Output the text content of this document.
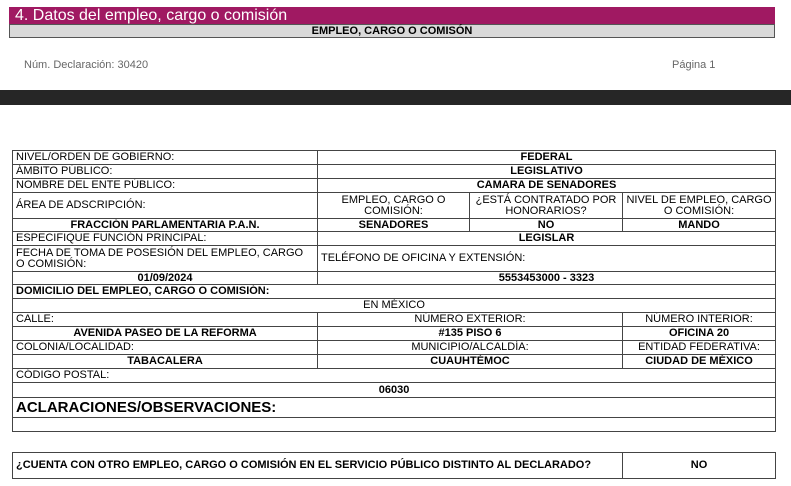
4. Datos del empleo, cargo o comisión
EMPLEO, CARGO O COMISÓN
Núm. Declaración: 30420	Página 1
NIVEL/ORDEN DE GOBIERNO:	FEDERAL		
ÁMBITO PÚBLICO:	LEGISLATIVO		
NOMBRE DEL ENTE PÚBLICO:	CAMARA DE SENADORES		
ÁREA DE ADSCRIPCIÓN:	EMPLEO, CARGO O COMISIÓN:	¿ESTÁ CONTRATADO POR HONORARIOS?	NIVEL DE EMPLEO, CARGO O COMISIÓN:
FRACCIÓN PARLAMENTARIA P.A.N.	SENADORES	NO	MANDO
ESPECIFIQUE FUNCIÓN PRINCIPAL:	LEGISLAR		
FECHA DE TOMA DE POSESIÓN DEL EMPLEO, CARGO O COMISIÓN:	TELÉFONO DE OFICINA Y EXTENSIÓN:		
01/09/2024	5553453000 - 3323		
DOMICILIO DEL EMPLEO, CARGO O COMISIÓN:			
EN MÉXICO			
CALLE:	NÚMERO EXTERIOR:		NÚMERO INTERIOR:
AVENIDA PASEO DE LA REFORMA	#135 PISO 6		OFICINA 20
COLONIA/LOCALIDAD:	MUNICIPIO/ALCALDÍA:		ENTIDAD FEDERATIVA:
TABACALERA	CUAUHTÉMOC		CIUDAD DE MÉXICO
CÓDIGO POSTAL:			
06030			
ACLARACIONES/OBSERVACIONES:			

¿CUENTA CON OTRO EMPLEO, CARGO O COMISIÓN EN EL SERVICIO PÚBLICO DISTINTO AL DECLARADO?	NO
